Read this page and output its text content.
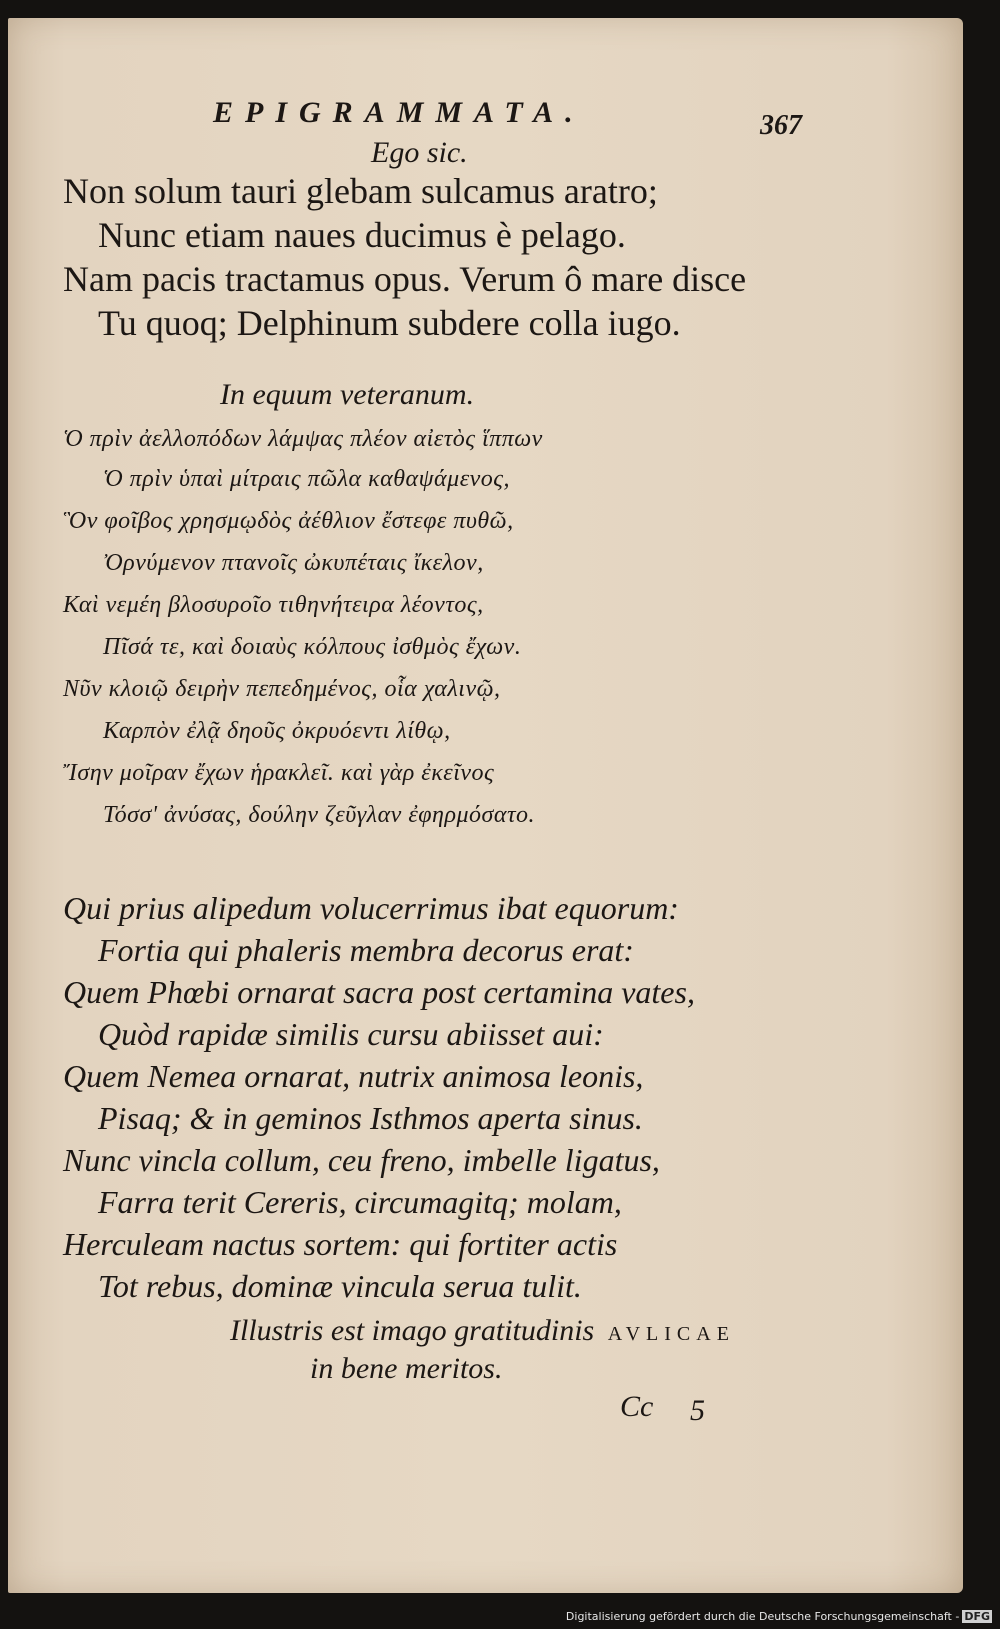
EPIGRAMMATA.	367
Ego sic.
Non solum tauri glebam sulcamus aratro;
Nunc etiam naues ducimus è pelago.
Nam pacis tractamus opus. Verum ô mare disce
Tu quoq; Delphinum subdere colla iugo.
In equum veteranum.
Ὁ πρὶν ἀελλοπόδων λάμψας πλέον αἰετὸς ἵππων
Ὁ πρὶν ὑπαὶ μίτραις πῶλα καθαψάμενος,
Ὃν φοῖβος χρησμῳδὸς ἀέθλιον ἔστεφε πυθῶ,
Ὀρνύμενον πτανοῖς ὠκυπέταις ἴκελον,
Καὶ νεμέη βλοσυροῖο τιθηνήτειρα λέοντος,
Πῖσά τε, καὶ δοιαὺς κόλπους ἰσθμὸς ἔχων.
Νῦν κλοιῷ δειρὴν πεπεδημένος, οἷα χαλινῷ,
Καρπὸν ἐλᾷ δηοῦς ὀκρυόεντι λίθῳ,
Ἴσην μοῖραν ἔχων ἡρακλεῖ. καὶ γὰρ ἐκεῖνος
Τόσσ' ἀνύσας, δούλην ζεῦγλαν ἐφηρμόσατο.
Qui prius alipedum volucerrimus ibat equorum:
Fortia qui phaleris membra decorus erat:
Quem Phœbi ornarat sacra post certamina vates,
Quòd rapidæ similis cursu abiisset aui:
Quem Nemea ornarat, nutrix animosa leonis,
Pisaq; & in geminos Isthmos aperta sinus.
Nunc vincla collum, ceu freno, imbelle ligatus,
Farra terit Cereris, circumagitq; molam,
Herculeam nactus sortem: qui fortiter actis
Tot rebus, dominæ vincula serua tulit.
Illustris est imago gratitudinis AVLICAE
in bene meritos.
Cc 5
Digitalisierung gefördert durch die Deutsche Forschungsgemeinschaft - DFG
